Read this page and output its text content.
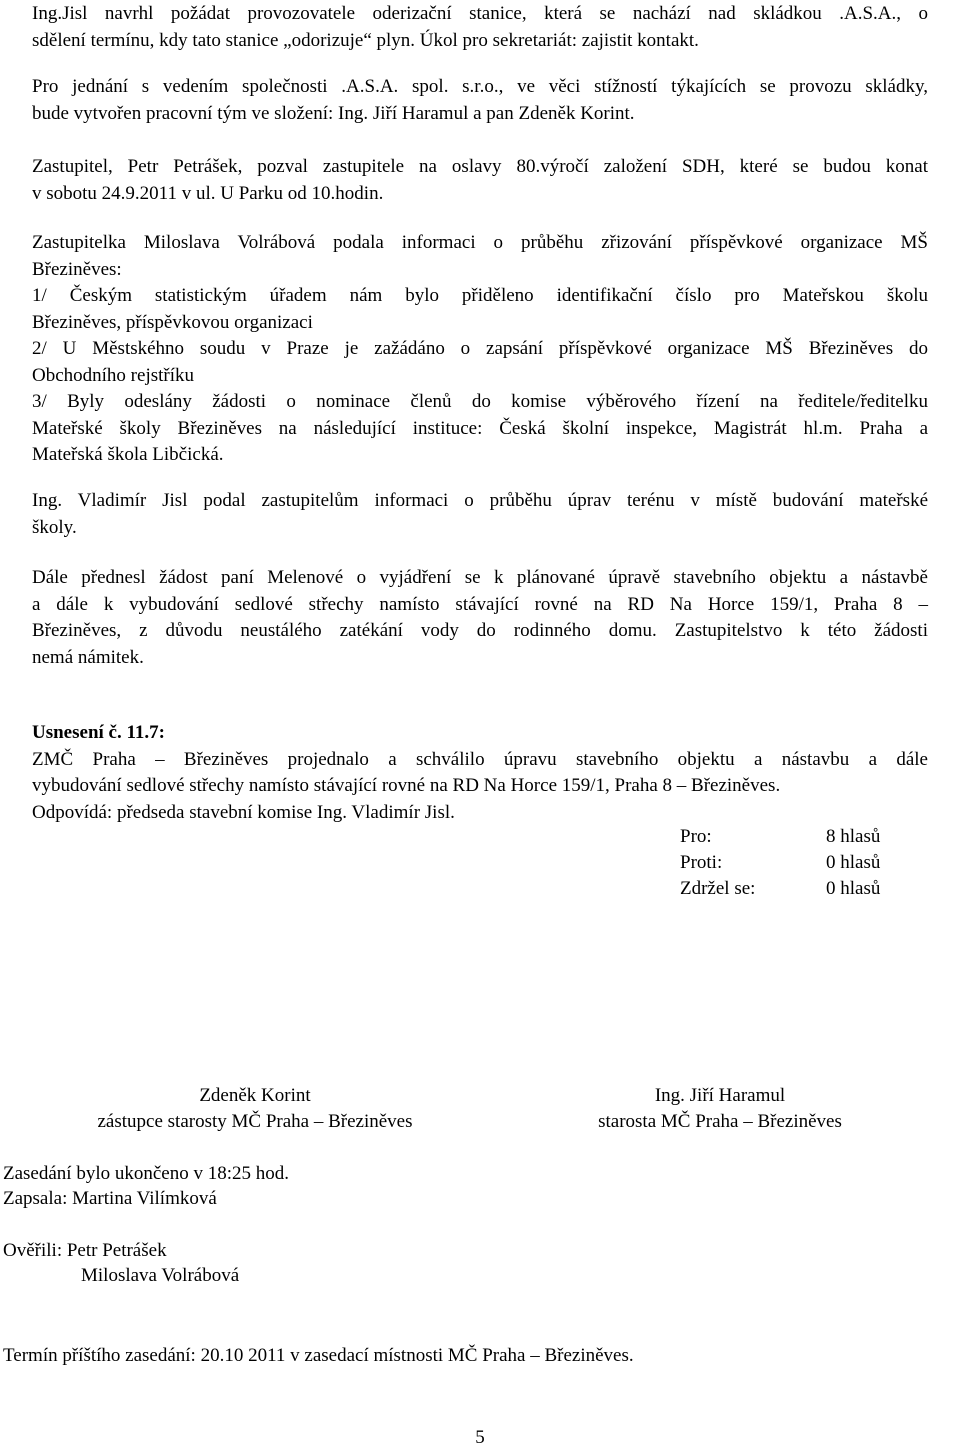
Ing.Jisl navrhl požádat provozovatele oderizační stanice, která se nachází nad skládkou .A.S.A., o
sdělení termínu, kdy tato stanice „odorizuje“ plyn. Úkol pro sekretariát: zajistit kontakt.
Pro jednání s vedením společnosti .A.S.A. spol. s.r.o., ve věci stížností týkajících se provozu skládky,
bude vytvořen pracovní tým ve složení: Ing. Jiří Haramul a pan Zdeněk Korint.
Zastupitel, Petr Petrášek, pozval zastupitele na oslavy 80.výročí založení SDH, které se budou konat
v sobotu 24.9.2011 v ul. U Parku od 10.hodin.
Zastupitelka Miloslava Volrábová podala informaci o průběhu zřizování příspěvkové organizace MŠ
Březiněves:
1/ Českým statistickým úřadem nám bylo přiděleno identifikační číslo pro Mateřskou školu
Březiněves, příspěvkovou organizaci
2/ U Městskéhno soudu v Praze je zažádáno o zapsání příspěvkové organizace MŠ Březiněves do
Obchodního rejstříku
3/ Byly odeslány žádosti o nominace členů do komise výběrového řízení na ředitele/ředitelku
Mateřské školy Březiněves na následující instituce: Česká školní inspekce, Magistrát hl.m. Praha a
Mateřská škola Libčická.
Ing. Vladimír Jisl podal zastupitelům informaci o průběhu úprav terénu v místě budování mateřské
školy.
Dále přednesl žádost paní Melenové o vyjádření se k plánované úpravě stavebního objektu a nástavbě
a dále k vybudování sedlové střechy namísto stávající rovné na RD Na Horce 159/1, Praha 8 –
Březiněves, z důvodu neustálého zatékání vody do rodinného domu. Zastupitelstvo k této žádosti
nemá námitek.
Usnesení č. 11.7:
ZMČ Praha – Březiněves projednalo a schválilo úpravu stavebního objektu a nástavbu a dále
vybudování sedlové střechy namísto stávající rovné na RD Na Horce 159/1, Praha 8 – Březiněves.
Odpovídá: předseda stavební komise Ing. Vladimír Jisl.
Pro:	8 hlasů
Proti:	0 hlasů
Zdržel se:	0 hlasů
Zdeněk Korint
zástupce starosty MČ Praha – Březiněves
Ing. Jiří Haramul
starosta MČ Praha – Březiněves
Zasedání bylo ukončeno v 18:25 hod.
Zapsala: Martina Vilímková
Ověřili: Petr Petrášek
Miloslava Volrábová
Termín příštího zasedání: 20.10 2011 v zasedací místnosti MČ Praha – Březiněves.
5
